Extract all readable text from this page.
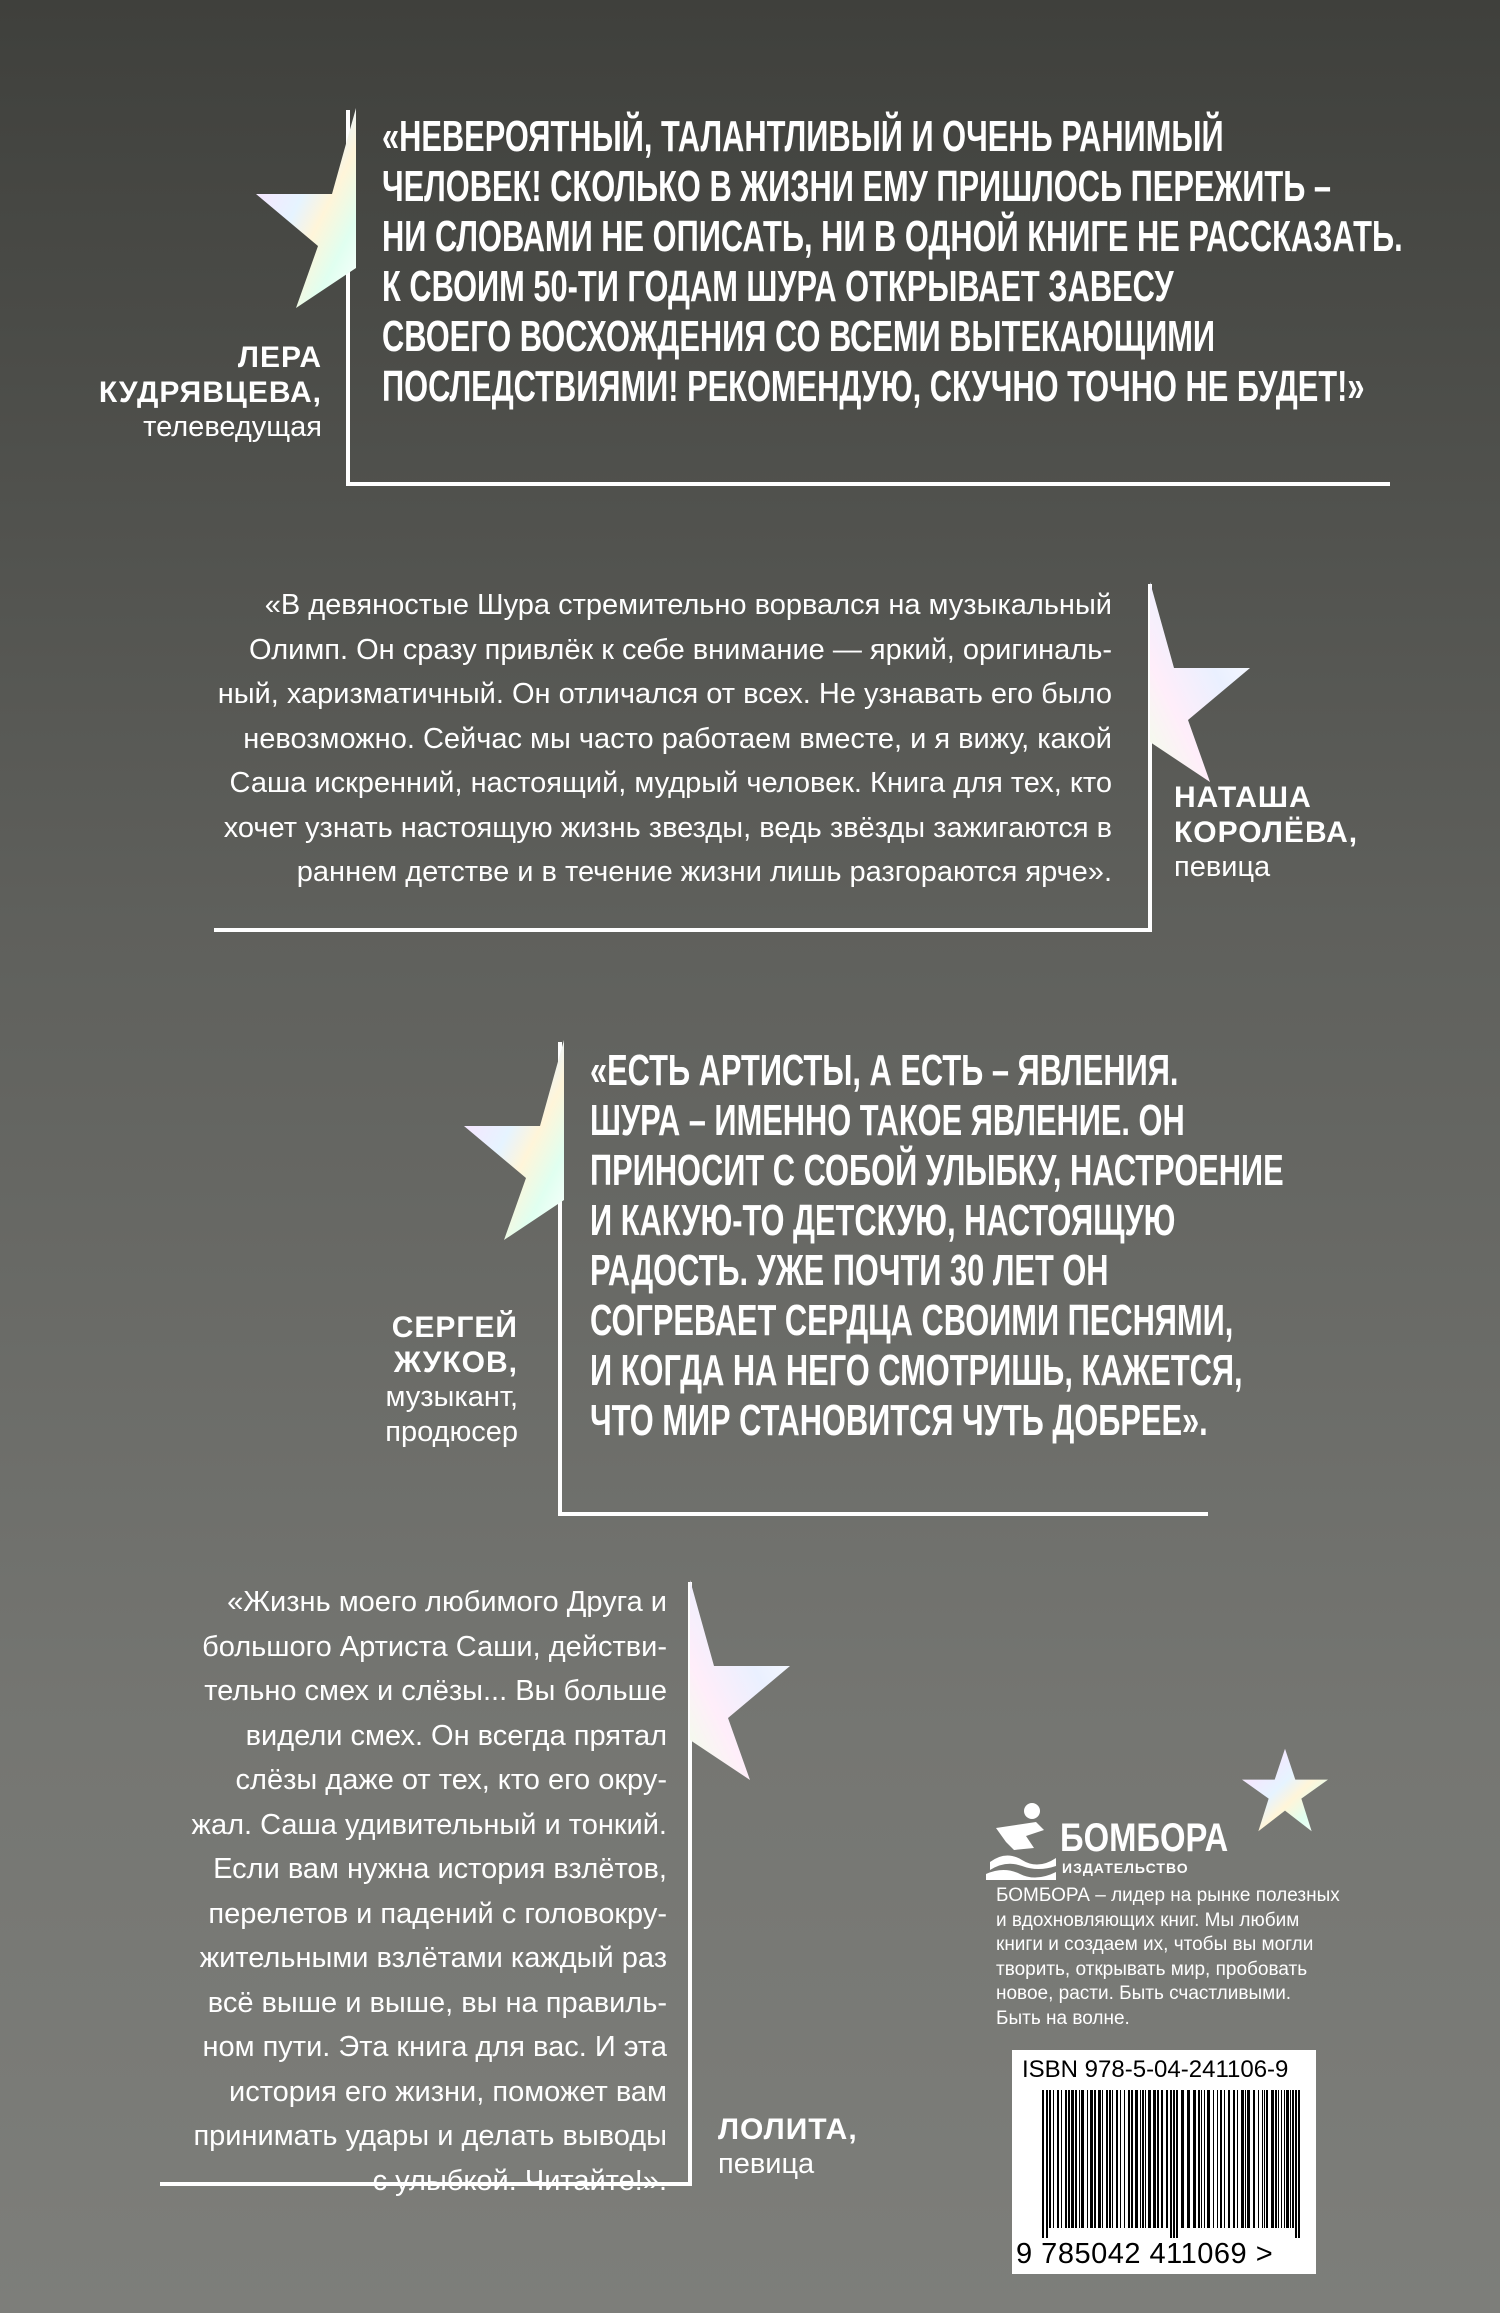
«НЕВЕРОЯТНЫЙ, ТАЛАНТЛИВЫЙ И ОЧЕНЬ РАНИМЫЙ
ЧЕЛОВЕК! СКОЛЬКО В ЖИЗНИ ЕМУ ПРИШЛОСЬ ПЕРЕЖИТЬ –
НИ СЛОВАМИ НЕ ОПИСАТЬ, НИ В ОДНОЙ КНИГЕ НЕ РАССКАЗАТЬ.
К СВОИМ 50-ТИ ГОДАМ ШУРА ОТКРЫВАЕТ ЗАВЕСУ
СВОЕГО ВОСХОЖДЕНИЯ СО ВСЕМИ ВЫТЕКАЮЩИМИ
ПОСЛЕДСТВИЯМИ! РЕКОМЕНДУЮ, СКУЧНО ТОЧНО НЕ БУДЕТ!»
ЛЕРА
КУДРЯВЦЕВА,
телеведущая
«В девяностые Шура стремительно ворвался на музыкальный
Олимп. Он сразу привлёк к себе внимание — яркий, оригиналь-
ный, харизматичный. Он отличался от всех. Не узнавать его было
невозможно. Сейчас мы часто работаем вместе, и я вижу, какой
Саша искренний, настоящий, мудрый человек. Книга для тех, кто
хочет узнать настоящую жизнь звезды, ведь звёзды зажигаются в
раннем детстве и в течение жизни лишь разгораются ярче».
НАТАША
КОРОЛЁВА,
певица
«ЕСТЬ АРТИСТЫ, А ЕСТЬ – ЯВЛЕНИЯ.
ШУРА – ИМЕННО ТАКОЕ ЯВЛЕНИЕ. ОН
ПРИНОСИТ С СОБОЙ УЛЫБКУ, НАСТРОЕНИЕ
И КАКУЮ-ТО ДЕТСКУЮ, НАСТОЯЩУЮ
РАДОСТЬ. УЖЕ ПОЧТИ 30 ЛЕТ ОН
СОГРЕВАЕТ СЕРДЦА СВОИМИ ПЕСНЯМИ,
И КОГДА НА НЕГО СМОТРИШЬ, КАЖЕТСЯ,
ЧТО МИР СТАНОВИТСЯ ЧУТЬ ДОБРЕЕ».
СЕРГЕЙ
ЖУКОВ,
музыкант,
продюсер
«Жизнь моего любимого Друга и
большого Артиста Саши, действи-
тельно смех и слёзы... Вы больше
видели смех. Он всегда прятал
слёзы даже от тех, кто его окру-
жал. Саша удивительный и тонкий.
Если вам нужна история взлётов,
перелетов и падений с головокру-
жительными взлётами каждый раз
всё выше и выше, вы на правиль-
ном пути. Эта книга для вас. И эта
история его жизни, поможет вам
принимать удары и делать выводы
с улыбкой. Читайте!».
ЛОЛИТА,
певица
БОМБОРА
ИЗДАТЕЛЬСТВО
БОМБОРА – лидер на рынке полезных
и вдохновляющих книг. Мы любим
книги и создаем их, чтобы вы могли
творить, открывать мир, пробовать
новое, расти. Быть счастливыми.
Быть на волне.
ISBN 978-5-04-241106-9
9 785042 411069 >
